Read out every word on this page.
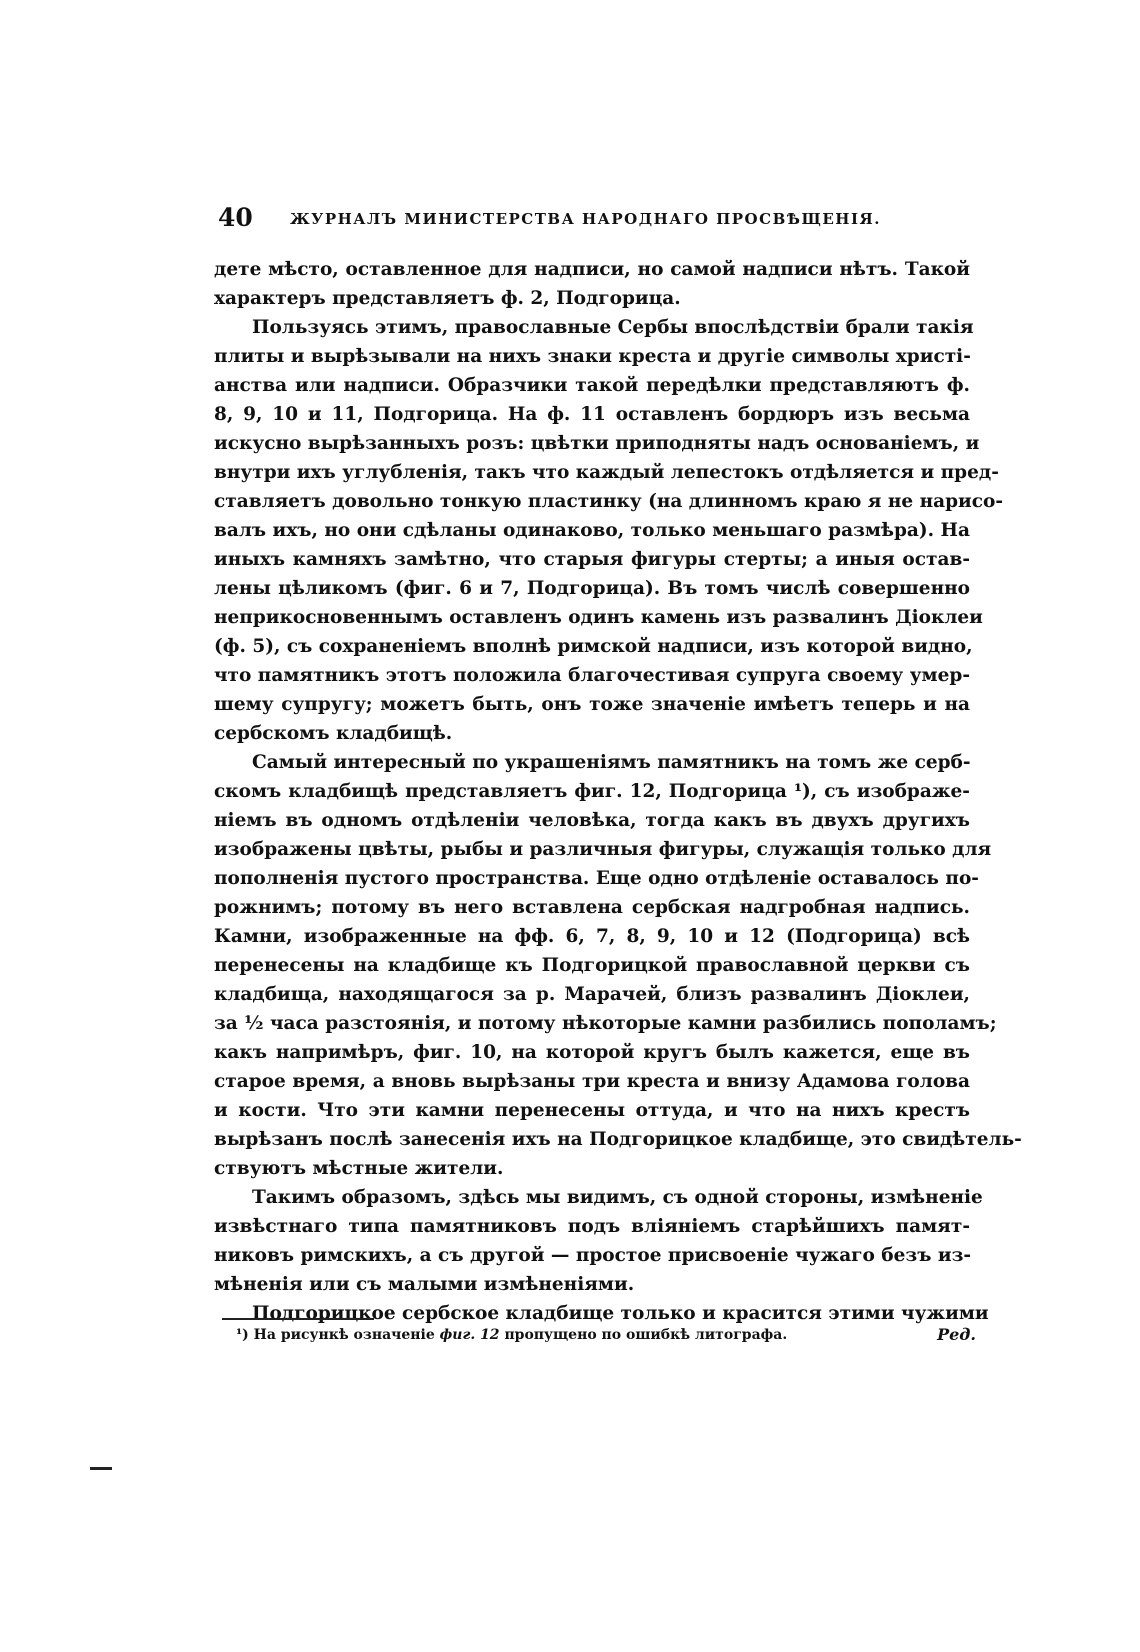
40 ЖУРНАЛЪ МИНИСТЕРСТВА НАРОДНАГО ПРОСВѢЩЕНІЯ.
дете мѣсто, оставленное для надписи, но самой надписи нѣтъ. Такой
характеръ представляетъ ф. 2, Подгорица.
Пользуясь этимъ, православные Сербы впослѣдствіи брали такія
плиты и вырѣзывали на нихъ знаки креста и другіе символы христі-
анства или надписи. Образчики такой передѣлки представляютъ ф.
8, 9, 10 и 11, Подгорица. На ф. 11 оставленъ бордюръ изъ весьма
искусно вырѣзанныхъ розъ: цвѣтки приподняты надъ основаніемъ, и
внутри ихъ углубленія, такъ что каждый лепестокъ отдѣляется и пред-
ставляетъ довольно тонкую пластинку (на длинномъ краю я не нарисо-
валъ ихъ, но они сдѣланы одинаково, только меньшаго размѣра). На
иныхъ камняхъ замѣтно, что старыя фигуры стерты; а иныя остав-
лены цѣликомъ (фиг. 6 и 7, Подгорица). Въ томъ числѣ совершенно
неприкосновеннымъ оставленъ одинъ камень изъ развалинъ Діоклеи
(ф. 5), съ сохраненіемъ вполнѣ римской надписи, изъ которой видно,
что памятникъ этотъ положила благочестивая супруга своему умер-
шему супругу; можетъ быть, онъ тоже значеніе имѣетъ теперь и на
сербскомъ кладбищѣ.
Самый интересный по украшеніямъ памятникъ на томъ же серб-
скомъ кладбищѣ представляетъ фиг. 12, Подгорица ¹), съ изображе-
ніемъ въ одномъ отдѣленіи человѣка, тогда какъ въ двухъ другихъ
изображены цвѣты, рыбы и различныя фигуры, служащія только для
пополненія пустого пространства. Еще одно отдѣленіе оставалось по-
рожнимъ; потому въ него вставлена сербская надгробная надпись.
Камни, изображенные на фф. 6, 7, 8, 9, 10 и 12 (Подгорица) всѣ
перенесены на кладбище къ Подгорицкой православной церкви съ
кладбища, находящагося за р. Марачей, близъ развалинъ Діоклеи,
за ½ часа разстоянія, и потому нѣкоторые камни разбились пополамъ;
какъ напримѣръ, фиг. 10, на которой кругъ былъ кажется, еще въ
старое время, а вновь вырѣзаны три креста и внизу Адамова голова
и кости. Что эти камни перенесены оттуда, и что на нихъ крестъ
вырѣзанъ послѣ занесенія ихъ на Подгорицкое кладбище, это свидѣтель-
ствуютъ мѣстные жители.
Такимъ образомъ, здѣсь мы видимъ, съ одной стороны, измѣненіе
извѣстнаго типа памятниковъ подъ вліяніемъ старѣйшихъ памят-
никовъ римскихъ, а съ другой — простое присвоеніе чужаго безъ из-
мѣненія или съ малыми измѣненіями.
Подгорицкое сербское кладбище только и красится этими чужими
¹) На рисункѣ означеніе фиг. 12 пропущено по ошибкѣ литографа.	Ред.
